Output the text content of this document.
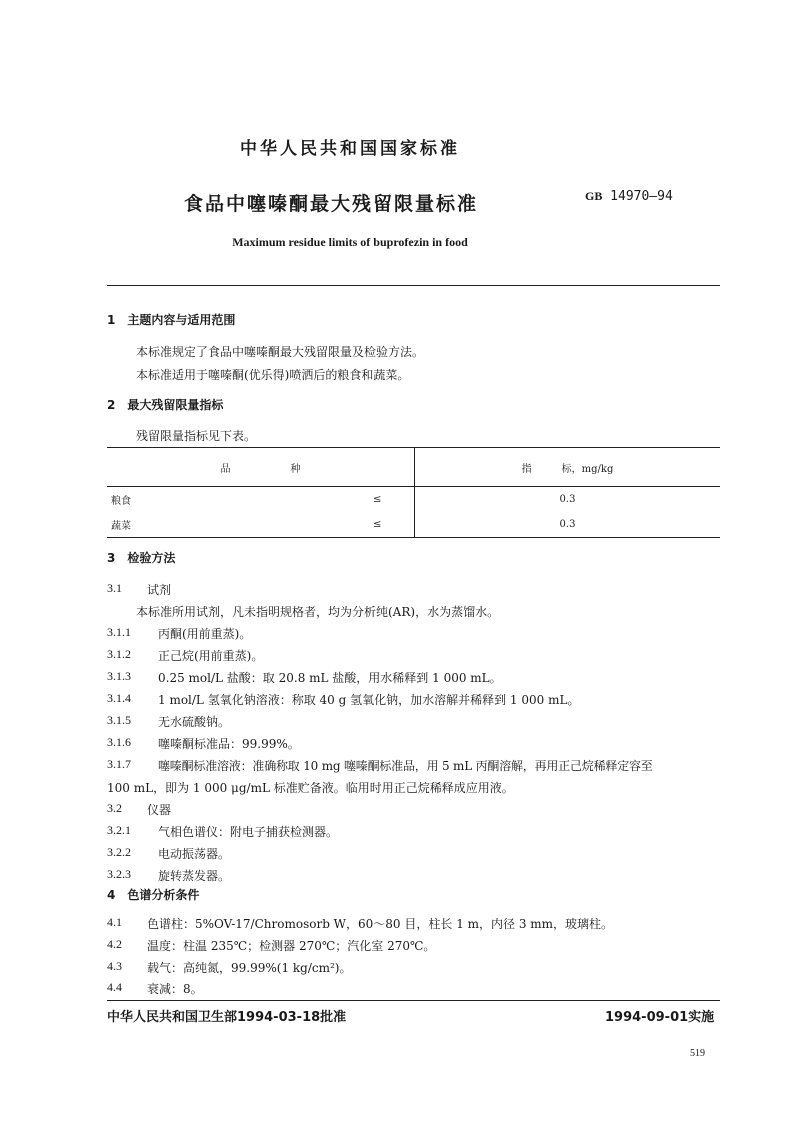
中华人民共和国国家标准
食品中噻嗪酮最大残留限量标准	GB 14970—94
Maximum residue limits of buprofezin in food
1　主题内容与适用范围
本标准规定了食品中噻嗪酮最大残留限量及检验方法。
本标准适用于噻嗪酮(优乐得)喷洒后的粮食和蔬菜。
2　最大残留限量指标
残留限量指标见下表。
品　　　　　　种		指　　　标，mg/kg
粮食	≤	0.3
蔬菜	≤	0.3
3　检验方法
3.1 试剂
本标准所用试剂，凡未指明规格者，均为分析纯(AR)，水为蒸馏水。
3.1.1 丙酮(用前重蒸)。
3.1.2 正己烷(用前重蒸)。
3.1.3 0.25 mol/L 盐酸：取 20.8 mL 盐酸，用水稀释到 1 000 mL。
3.1.4 1 mol/L 氢氧化钠溶液：称取 40 g 氢氧化钠，加水溶解并稀释到 1 000 mL。
3.1.5 无水硫酸钠。
3.1.6 噻嗪酮标准品：99.99%。
3.1.7 噻嗪酮标准溶液：准确称取 10 mg 噻嗪酮标准品，用 5 mL 丙酮溶解，再用正己烷稀释定容至
100 mL，即为 1 000 μg/mL 标准贮备液。临用时用正己烷稀释成应用液。
3.2 仪器
3.2.1 气相色谱仪：附电子捕获检测器。
3.2.2 电动振荡器。
3.2.3 旋转蒸发器。
4　色谱分析条件
4.1 色谱柱：5%OV-17/Chromosorb W，60～80 目，柱长 1 m，内径 3 mm，玻璃柱。
4.2 温度：柱温 235℃；检测器 270℃；汽化室 270℃。
4.3 载气：高纯氮，99.99%(1 kg/cm²)。
4.4 衰减：8。
中华人民共和国卫生部1994-03-18批准	1994-09-01实施
519
